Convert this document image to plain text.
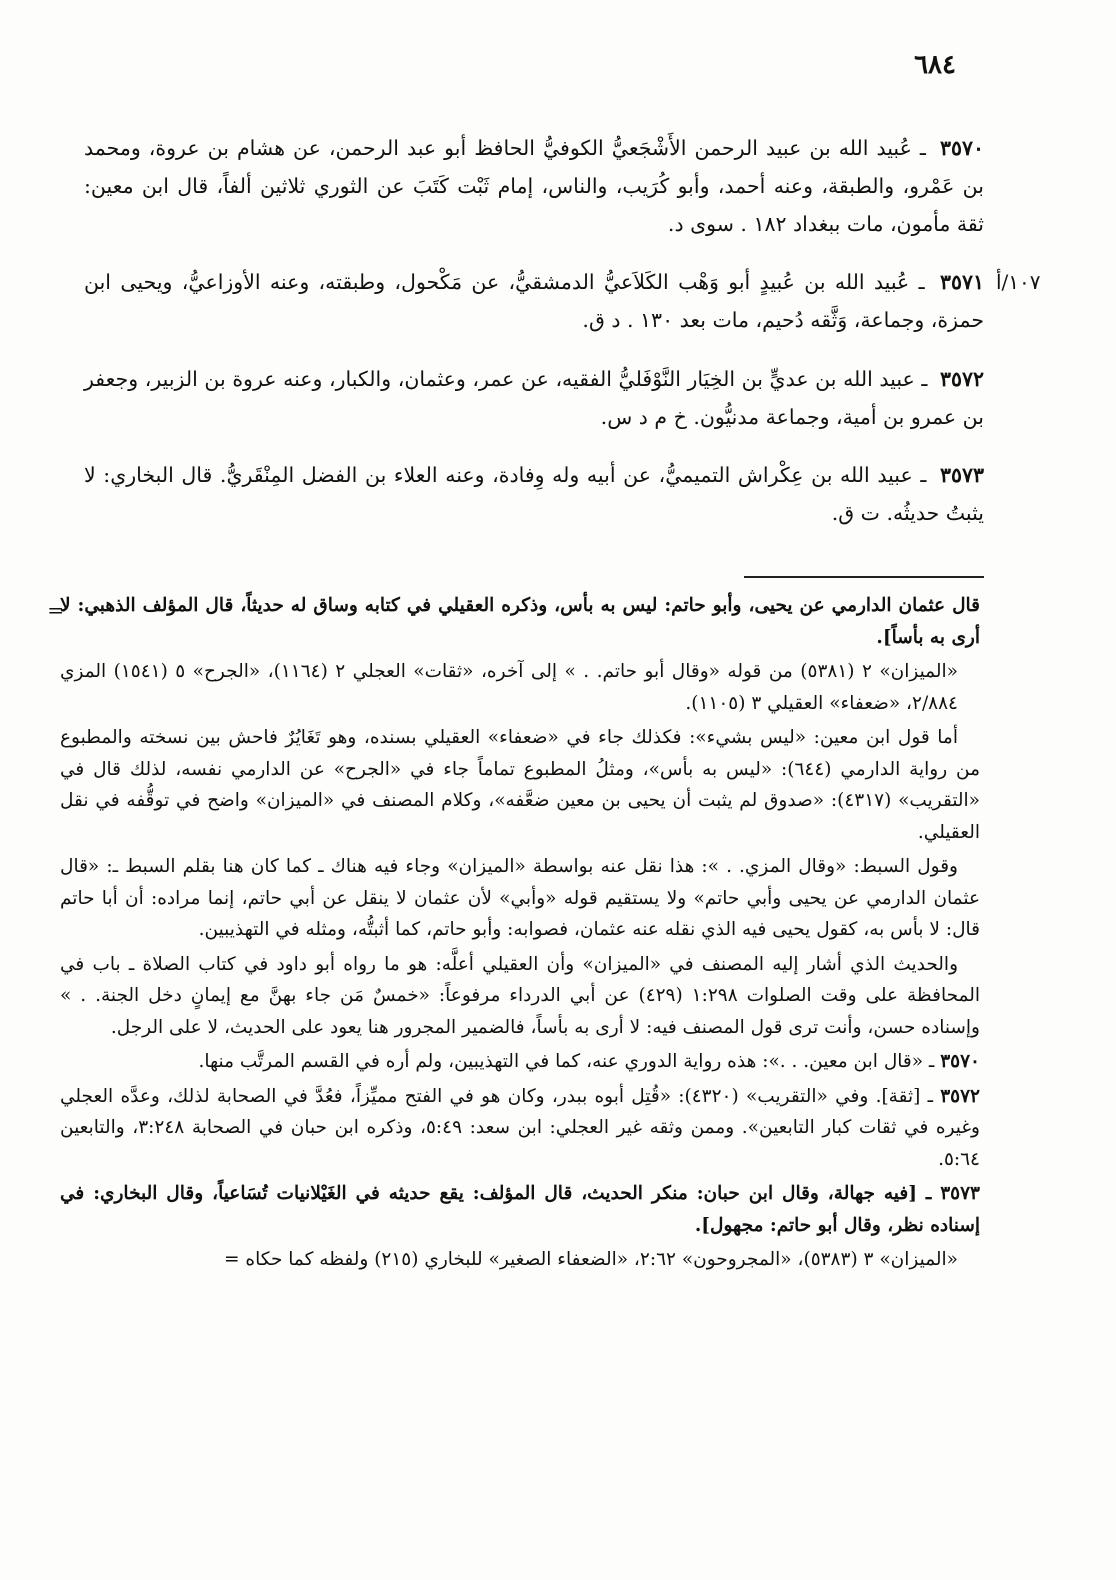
٦٨٤

٣٥٧٠ ـ عُبيد الله بن عبيد الرحمن الأَشْجَعيُّ الكوفيُّ الحافظ أبو عبد الرحمن، عن هشام بن عروة، ومحمد بن عَمْرو، والطبقة، وعنه أحمد، وأبو كُرَيب، والناس، إمام ثَبْت كَتَبَ عن الثوري ثلاثين ألفاً، قال ابن معين: ثقة مأمون، مات ببغداد ١٨٢ . سوى د.

١٠٧/أ
٣٥٧١ ـ عُبيد الله بن عُبيدٍ أبو وَهْب الكَلاَعيُّ الدمشقيُّ، عن مَكْحول، وطبقته، وعنه الأوزاعيُّ، ويحيى ابن حمزة، وجماعة، وَثَّقه دُحيم، مات بعد ١٣٠ . د ق.

٣٥٧٢ ـ عبيد الله بن عديٍّ بن الخِيَار النَّوْفَليُّ الفقيه، عن عمر، وعثمان، والكبار، وعنه عروة بن الزبير، وجعفر بن عمرو بن أمية، وجماعة مدنيُّون. خ م د س.

٣٥٧٣ ـ عبيد الله بن عِكْراش التميميُّ، عن أبيه وله وِفادة، وعنه العلاء بن الفضل المِنْقَريُّ. قال البخاري: لا يثبتُ حديثُه. ت ق.

=

قال عثمان الدارمي عن يحيى، وأبو حاتم: ليس به بأس، وذكره العقيلي في كتابه وساق له حديثاً، قال المؤلف الذهبي: لا أرى به بأساً].

«الميزان» ٢ (٥٣٨١) من قوله «وقال أبو حاتم. . » إلى آخره، «ثقات» العجلي ٢ (١١٦٤)، «الجرح» ٥ (١٥٤١) المزي ٢/٨٨٤، «ضعفاء» العقيلي ٣ (١١٠٥).

أما قول ابن معين: «ليس بشيء»: فكذلك جاء في «ضعفاء» العقيلي بسنده، وهو تَغَايُرٌ فاحش بين نسخته والمطبوع من رواية الدارمي (٦٤٤): «ليس به بأس»، ومثلُ المطبوع تماماً جاء في «الجرح» عن الدارمي نفسه، لذلك قال في «التقريب» (٤٣١٧): «صدوق لم يثبت أن يحيى بن معين ضعَّفه»، وكلام المصنف في «الميزان» واضح في توقُّفه في نقل العقيلي.

وقول السبط: «وقال المزي. . »: هذا نقل عنه بواسطة «الميزان» وجاء فيه هناك ـ كما كان هنا بقلم السبط ـ: «قال عثمان الدارمي عن يحيى وأبي حاتم» ولا يستقيم قوله «وأبي» لأن عثمان لا ينقل عن أبي حاتم، إنما مراده: أن أبا حاتم قال: لا بأس به، كقول يحيى فيه الذي نقله عنه عثمان، فصوابه: وأبو حاتم، كما أثبتُّه، ومثله في التهذيبين.

والحديث الذي أشار إليه المصنف في «الميزان» وأن العقيلي أعلَّه: هو ما رواه أبو داود في كتاب الصلاة ـ باب في المحافظة على وقت الصلوات ١:٢٩٨ (٤٢٩) عن أبي الدرداء مرفوعاً: «خمسٌ مَن جاء بهنَّ مع إيمانٍ دخل الجنة. . » وإسناده حسن، وأنت ترى قول المصنف فيه: لا أرى به بأساً، فالضمير المجرور هنا يعود على الحديث، لا على الرجل.

٣٥٧٠ ـ «قال ابن معين. . .»: هذه رواية الدوري عنه، كما في التهذيبين، ولم أره في القسم المرتَّب منها.

٣٥٧٢ ـ [ثقة]. وفي «التقريب» (٤٣٢٠): «قُتِل أبوه ببدر، وكان هو في الفتح مميِّزاً، فعُدَّ في الصحابة لذلك، وعدَّه العجلي وغيره في ثقات كبار التابعين». وممن وثقه غير العجلي: ابن سعد: ٥:٤٩، وذكره ابن حبان في الصحابة ٣:٢٤٨، والتابعين ٥:٦٤.

٣٥٧٣ ـ [فيه جهالة، وقال ابن حبان: منكر الحديث، قال المؤلف: يقع حديثه في الغَيْلانيات تُسَاعياً، وقال البخاري: في إسناده نظر، وقال أبو حاتم: مجهول].

«الميزان» ٣ (٥٣٨٣)، «المجروحون» ٢:٦٢، «الضعفاء الصغير» للبخاري (٢١٥) ولفظه كما حكاه =
